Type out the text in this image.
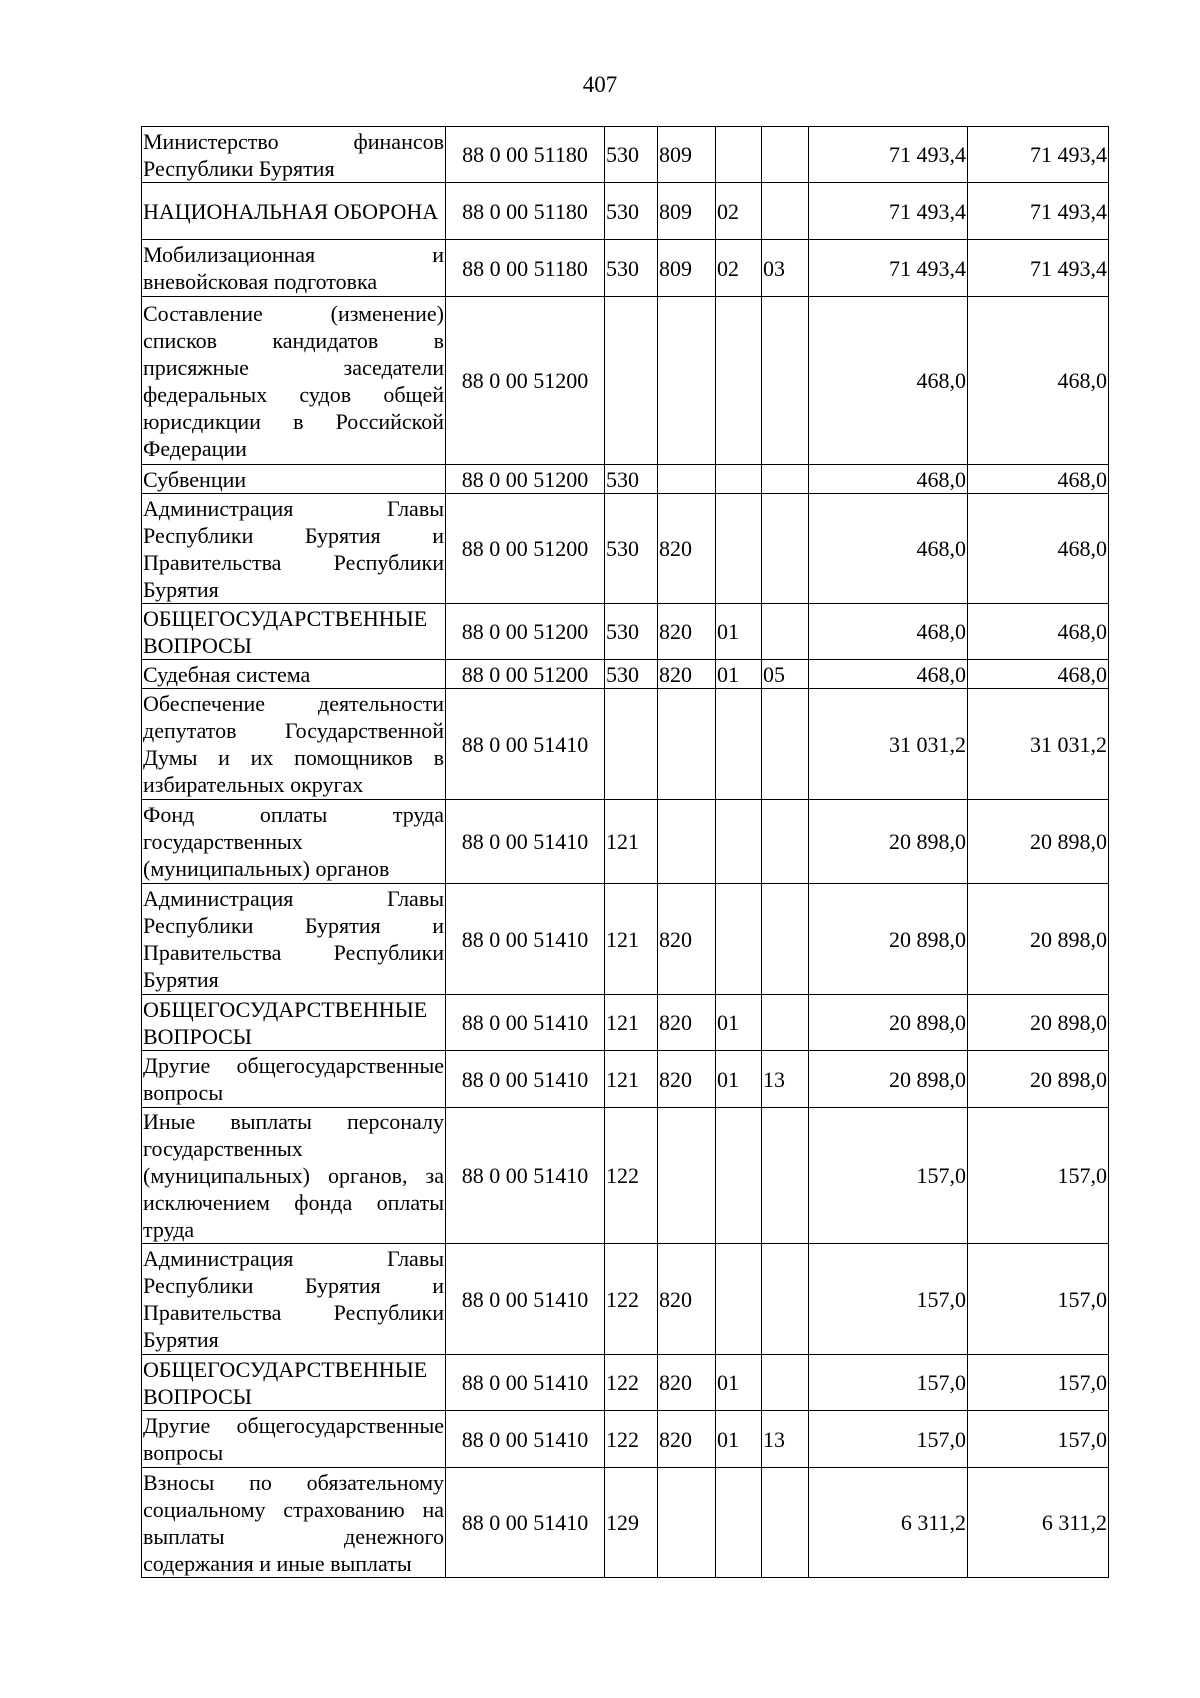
407
Министерство финансов Республики Бурятия	88 0 00 51180	530	809			71 493,4	71 493,4
НАЦИОНАЛЬНАЯ ОБОРОНА	88 0 00 51180	530	809	02		71 493,4	71 493,4
Мобилизационная и вневойсковая подготовка	88 0 00 51180	530	809	02	03	71 493,4	71 493,4
Составление (изменение) списков кандидатов в присяжные заседатели федеральных судов общей юрисдикции в Российской Федерации	88 0 00 51200					468,0	468,0
Субвенции	88 0 00 51200	530				468,0	468,0
Администрация Главы Республики Бурятия и Правительства Республики Бурятия	88 0 00 51200	530	820			468,0	468,0
ОБЩЕГОСУДАРСТВЕННЫЕ ВОПРОСЫ	88 0 00 51200	530	820	01		468,0	468,0
Судебная система	88 0 00 51200	530	820	01	05	468,0	468,0
Обеспечение деятельности депутатов Государственной Думы и их помощников в избирательных округах	88 0 00 51410					31 031,2	31 031,2
Фонд оплаты труда государственных (муниципальных) органов	88 0 00 51410	121				20 898,0	20 898,0
Администрация Главы Республики Бурятия и Правительства Республики Бурятия	88 0 00 51410	121	820			20 898,0	20 898,0
ОБЩЕГОСУДАРСТВЕННЫЕ ВОПРОСЫ	88 0 00 51410	121	820	01		20 898,0	20 898,0
Другие общегосударственные вопросы	88 0 00 51410	121	820	01	13	20 898,0	20 898,0
Иные выплаты персоналу государственных (муниципальных) органов, за исключением фонда оплаты труда	88 0 00 51410	122				157,0	157,0
Администрация Главы Республики Бурятия и Правительства Республики Бурятия	88 0 00 51410	122	820			157,0	157,0
ОБЩЕГОСУДАРСТВЕННЫЕ ВОПРОСЫ	88 0 00 51410	122	820	01		157,0	157,0
Другие общегосударственные вопросы	88 0 00 51410	122	820	01	13	157,0	157,0
Взносы по обязательному социальному страхованию на выплаты денежного содержания и иные выплаты	88 0 00 51410	129				6 311,2	6 311,2
